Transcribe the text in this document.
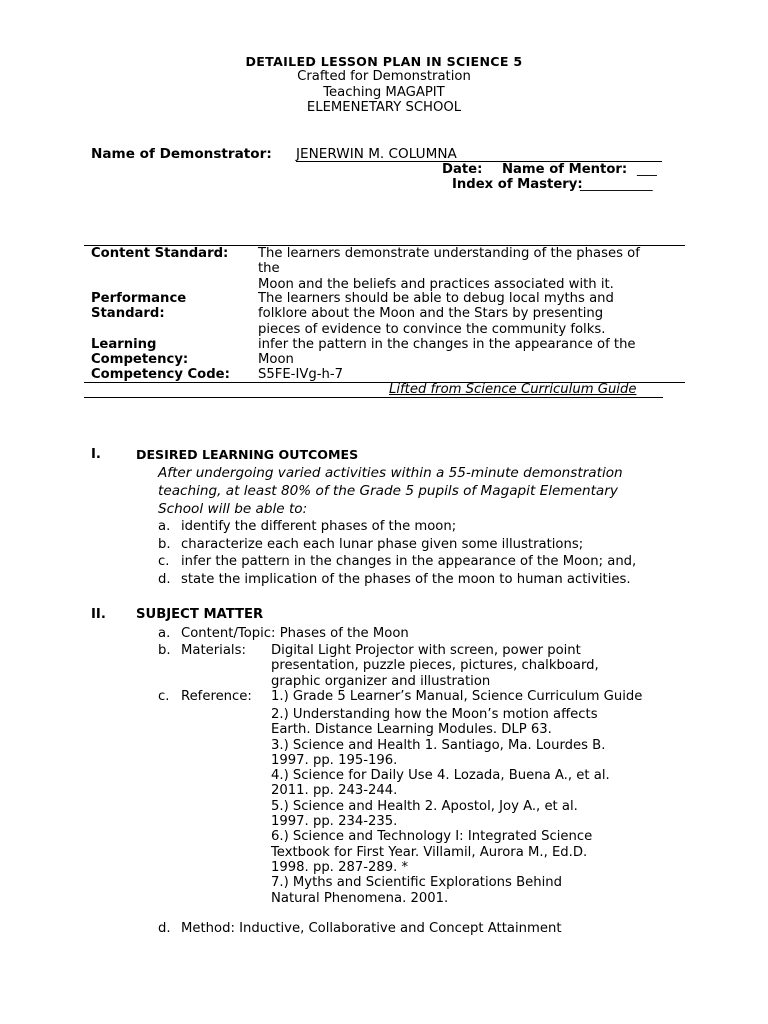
DETAILED LESSON PLAN IN SCIENCE 5
Crafted for Demonstration
Teaching MAGAPIT
ELEMENETARY SCHOOL
Name of Demonstrator: JENERWIN M. COLUMNA
Date: Name of Mentor: ___
Index of Mastery:
___________
Content Standard: The learners demonstrate understanding of the phases of
the
Moon and the beliefs and practices associated with it.
Performance
Standard:
The learners should be able to debug local myths and
folklore about the Moon and the Stars by presenting
pieces of evidence to convince the community folks.
Learning
Competency:
infer the pattern in the changes in the appearance of the
Moon
Competency Code: S5FE-IVg-h-7
Lifted from Science Curriculum Guide
I.	DESIRED LEARNING OUTCOMES
After undergoing varied activities within a 55-minute demonstration
teaching, at least 80% of the Grade 5 pupils of Magapit Elementary
School will be able to:
a. identify the different phases of the moon;
b. characterize each each lunar phase given some illustrations;
c. infer the pattern in the changes in the appearance of the Moon; and,
d. state the implication of the phases of the moon to human activities.
II. SUBJECT MATTER
a. Content/Topic: Phases of the Moon
b. Materials: Digital Light Projector with screen, power point
presentation, puzzle pieces, pictures, chalkboard,
graphic organizer and illustration
c. Reference: 1.) Grade 5 Learner’s Manual, Science Curriculum Guide
2.) Understanding how the Moon’s motion affects
Earth. Distance Learning Modules. DLP 63.
3.) Science and Health 1. Santiago, Ma. Lourdes B.
1997. pp. 195-196.
4.) Science for Daily Use 4. Lozada, Buena A., et al.
2011. pp. 243-244.
5.) Science and Health 2. Apostol, Joy A., et al.
1997. pp. 234-235.
6.) Science and Technology I: Integrated Science
Textbook for First Year. Villamil, Aurora M., Ed.D.
1998. pp. 287-289. *
7.) Myths and Scientific Explorations Behind
Natural Phenomena. 2001.
d. Method: Inductive, Collaborative and Concept Attainment
